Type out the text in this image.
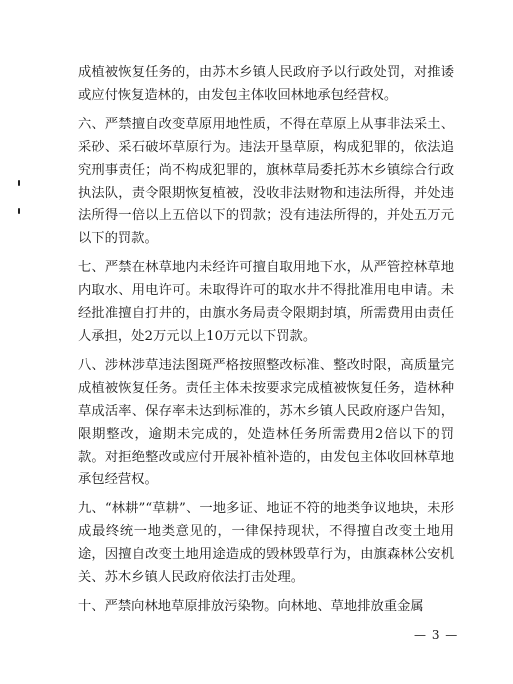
成植被恢复任务的，由苏木乡镇人民政府予以行政处罚，对推诿或应付恢复造林的，由发包主体收回林地承包经营权。

六、严禁擅自改变草原用地性质，不得在草原上从事非法采土、采砂、采石破坏草原行为。违法开垦草原，构成犯罪的，依法追究刑事责任；尚不构成犯罪的，旗林草局委托苏木乡镇综合行政执法队，责令限期恢复植被，没收非法财物和违法所得，并处违法所得一倍以上五倍以下的罚款；没有违法所得的，并处五万元以下的罚款。

七、严禁在林草地内未经许可擅自取用地下水，从严管控林草地内取水、用电许可。未取得许可的取水井不得批准用电申请。未经批准擅自打井的，由旗水务局责令限期封填，所需费用由责任人承担，处2万元以上10万元以下罚款。

八、涉林涉草违法图斑严格按照整改标准、整改时限，高质量完成植被恢复任务。责任主体未按要求完成植被恢复任务，造林种草成活率、保存率未达到标准的，苏木乡镇人民政府逐户告知，限期整改，逾期未完成的，处造林任务所需费用2倍以下的罚款。对拒绝整改或应付开展补植补造的，由发包主体收回林草地承包经营权。

九、“林耕”“草耕”、一地多证、地证不符的地类争议地块，未形成最终统一地类意见的，一律保持现状，不得擅自改变土地用途，因擅自改变土地用途造成的毁林毁草行为，由旗森林公安机关、苏木乡镇人民政府依法打击处理。

十、严禁向林地草原排放污染物。向林地、草地排放重金属

— 3 —
